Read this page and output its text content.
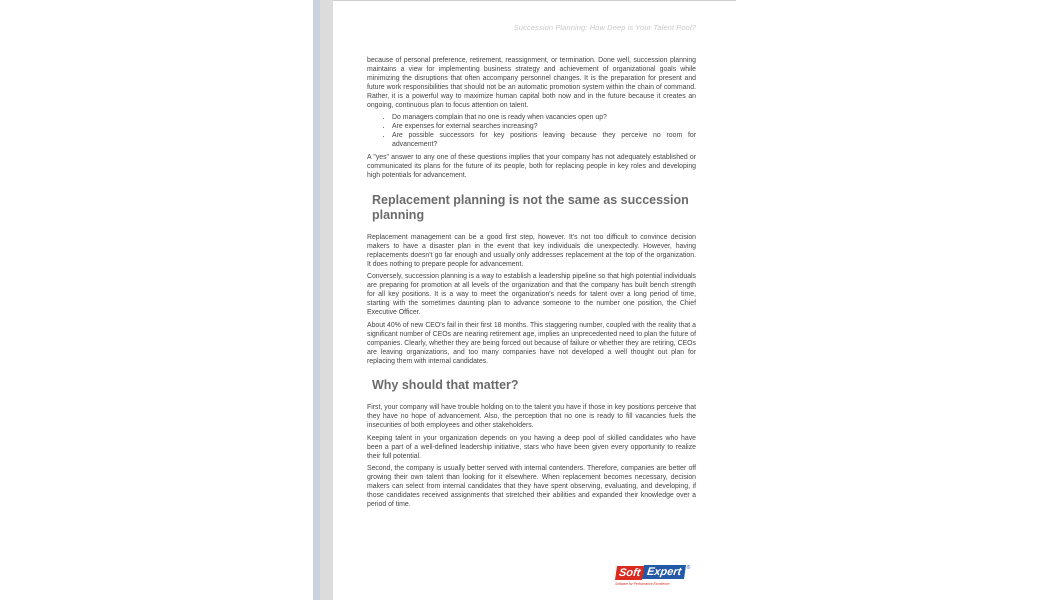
Succession Planning: How Deep is Your Talent Pool?

because of personal preference, retirement, reassignment, or termination. Done well, succession planning maintains a view for implementing business strategy and achievement of organizational goals while minimizing the disruptions that often accompany personnel changes. It is the preparation for present and future work responsibilities that should not be an automatic promotion system within the chain of command. Rather, it is a powerful way to maximize human capital both now and in the future because it creates an ongoing, continuous plan to focus attention on talent.

• Do managers complain that no one is ready when vacancies open up?
• Are expenses for external searches increasing?
• Are possible successors for key positions leaving because they perceive no room for advancement?

A "yes" answer to any one of these questions implies that your company has not adequately established or communicated its plans for the future of its people, both for replacing people in key roles and developing high potentials for advancement.

Replacement planning is not the same as succession planning

Replacement management can be a good first step, however. It's not too difficult to convince decision makers to have a disaster plan in the event that key individuals die unexpectedly. However, having replacements doesn't go far enough and usually only addresses replacement at the top of the organization. It does nothing to prepare people for advancement.

Conversely, succession planning is a way to establish a leadership pipeline so that high potential individuals are preparing for promotion at all levels of the organization and that the company has built bench strength for all key positions. It is a way to meet the organization's needs for talent over a long period of time, starting with the sometimes daunting plan to advance someone to the number one position, the Chief Executive Officer.

About 40% of new CEO's fail in their first 18 months. This staggering number, coupled with the reality that a significant number of CEOs are nearing retirement age, implies an unprecedented need to plan the future of companies. Clearly, whether they are being forced out because of failure or whether they are retiring, CEOs are leaving organizations, and too many companies have not developed a well thought out plan for replacing them with internal candidates.

Why should that matter?

First, your company will have trouble holding on to the talent you have if those in key positions perceive that they have no hope of advancement. Also, the perception that no one is ready to fill vacancies fuels the insecurities of both employees and other stakeholders.

Keeping talent in your organization depends on you having a deep pool of skilled candidates who have been a part of a well-defined leadership initiative, stars who have been given every opportunity to realize their full potential.

Second, the company is usually better served with internal contenders. Therefore, companies are better off growing their own talent than looking for it elsewhere. When replacement becomes necessary, decision makers can select from internal candidates that they have spent observing, evaluating, and developing, if those candidates received assignments that stretched their abilities and expanded their knowledge over a period of time.

Soft Expert ®
Software for Performance Excellence
